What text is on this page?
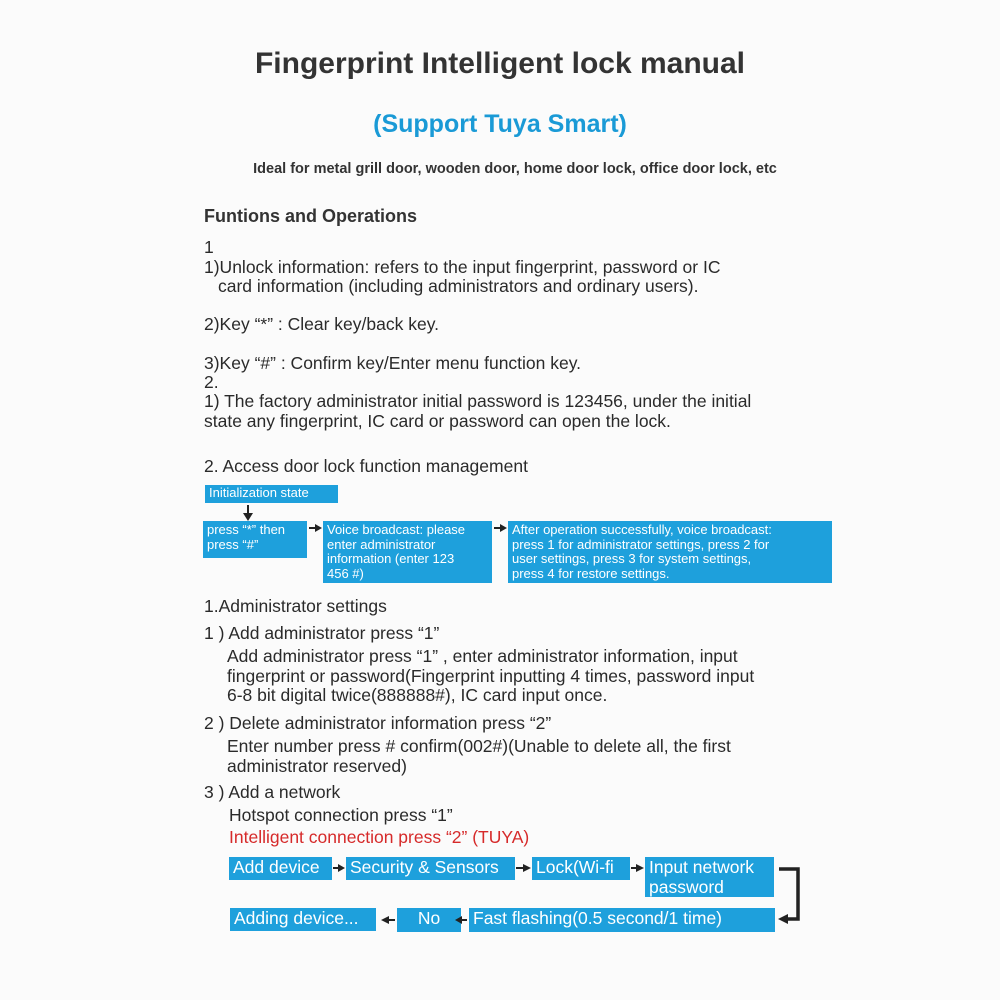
Fingerprint Intelligent lock manual
(Support Tuya Smart)
Ideal for metal grill door, wooden door, home door lock, office door lock, etc
Funtions and Operations
1
1)Unlock information: refers to the input fingerprint, password or IC
card information (including administrators and ordinary users).
2)Key “*” : Clear key/back key.
3)Key “#” : Confirm key/Enter menu function key.
2.
1) The factory administrator initial password is 123456, under the initial
state any fingerprint, IC card or password can open the lock.
2. Access door lock function management
Initialization state
press “*” then
press “#”
Voice broadcast: please
enter administrator
information (enter 123
456 #)
After operation successfully, voice broadcast:
press 1 for administrator settings, press 2 for
user settings, press 3 for system settings,
press 4 for restore settings.
1.Administrator settings
1 ) Add administrator press “1”
Add administrator press “1” , enter administrator information, input
fingerprint or password(Fingerprint inputting 4 times, password input
6-8 bit digital twice(888888#), IC card input once.
2 ) Delete administrator information press “2”
Enter number press # confirm(002#)(Unable to delete all, the first
administrator reserved)
3 ) Add a network
Hotspot connection press “1”
Intelligent connection press “2” (TUYA)
Add device	Security & Sensors	Lock(Wi-fi	Input network
password
Adding device...	No	Fast flashing(0.5 second/1 time)
